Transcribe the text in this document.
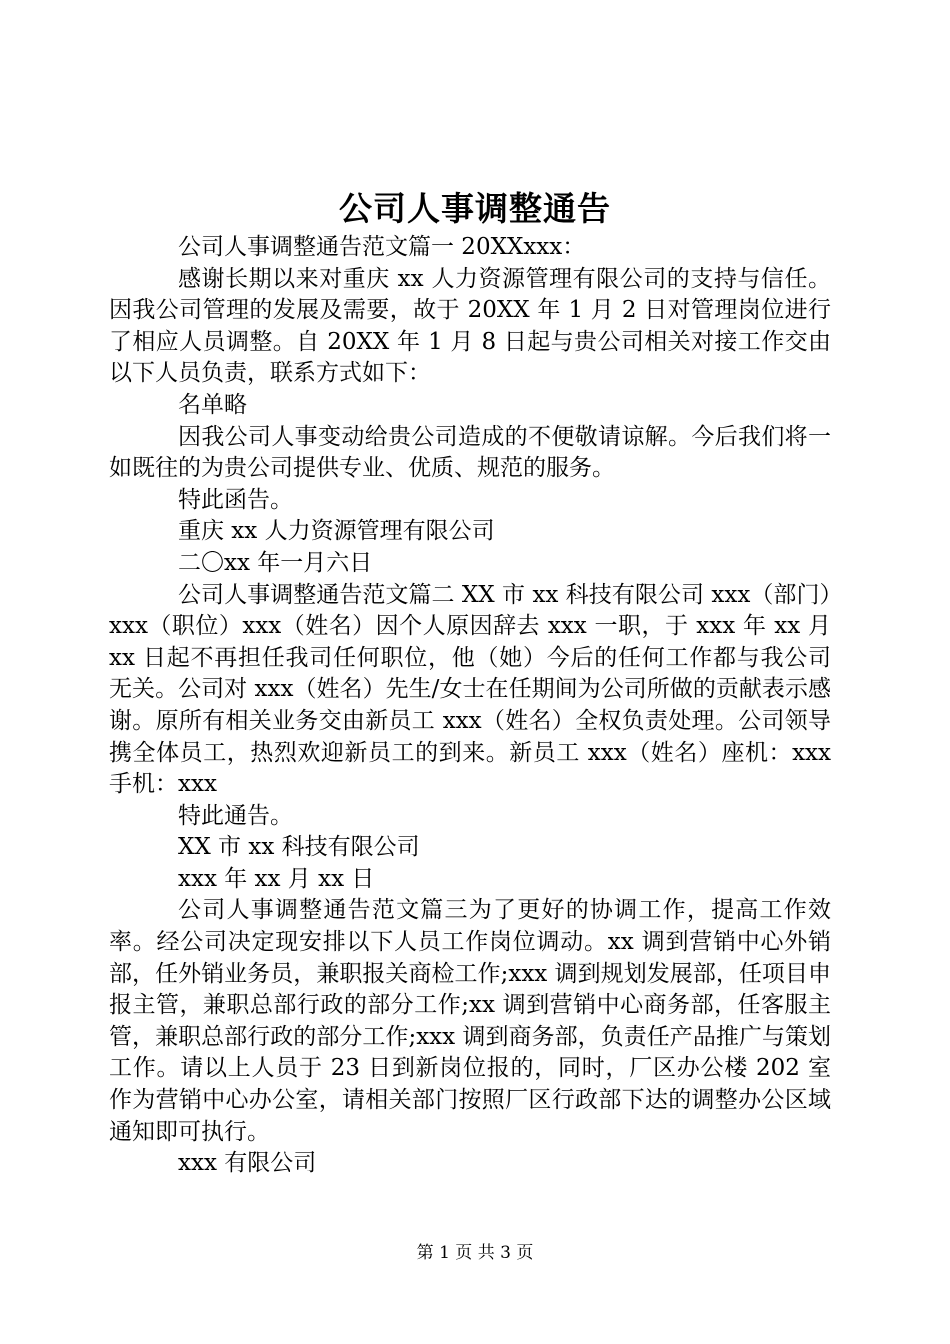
公司人事调整通告

公司人事调整通告范文篇一 20XXxxx：

感谢长期以来对重庆 xx 人力资源管理有限公司的支持与信任。因我公司管理的发展及需要，故于 20XX 年 1 月 2 日对管理岗位进行了相应人员调整。自 20XX 年 1 月 8 日起与贵公司相关对接工作交由以下人员负责，联系方式如下：

名单略

因我公司人事变动给贵公司造成的不便敬请谅解。今后我们将一如既往的为贵公司提供专业、优质、规范的服务。

特此函告。

重庆 xx 人力资源管理有限公司

二〇xx 年一月六日

公司人事调整通告范文篇二 XX 市 xx 科技有限公司 xxx（部门）xxx（职位）xxx（姓名）因个人原因辞去 xxx 一职，于 xxx 年 xx 月 xx 日起不再担任我司任何职位，他（她）今后的任何工作都与我公司无关。公司对 xxx（姓名）先生/女士在任期间为公司所做的贡献表示感谢。原所有相关业务交由新员工 xxx（姓名）全权负责处理。公司领导携全体员工，热烈欢迎新员工的到来。新员工 xxx（姓名）座机：xxx 手机：xxx

特此通告。

XX 市 xx 科技有限公司

xxx 年 xx 月 xx 日

公司人事调整通告范文篇三为了更好的协调工作，提高工作效率。经公司决定现安排以下人员工作岗位调动。xx 调到营销中心外销部，任外销业务员，兼职报关商检工作;xxx 调到规划发展部，任项目申报主管，兼职总部行政的部分工作;xx 调到营销中心商务部，任客服主管，兼职总部行政的部分工作;xxx 调到商务部，负责任产品推广与策划工作。请以上人员于 23 日到新岗位报的，同时，厂区办公楼 202 室作为营销中心办公室，请相关部门按照厂区行政部下达的调整办公区域通知即可执行。

xxx 有限公司

第 1 页 共 3 页
